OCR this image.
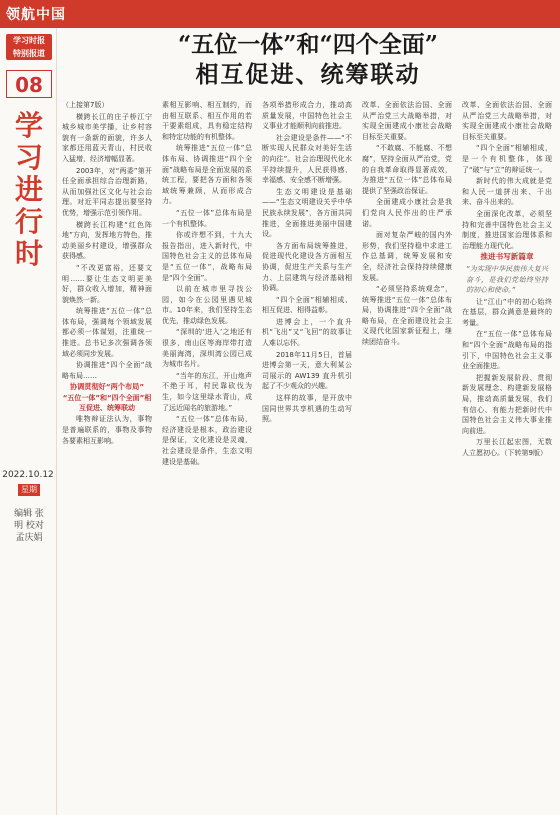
领航中国
学习时报
特别报道
08
学
习
进
行
时
2022.10.12
星期三
编辑 张 明 校对 孟庆娟
“五位一体”和“四个全面”
相互促进、统筹联动

（上接第7版）

横跨长江的庄子桥江宁城乡城市美学播，让乡村容貌有一条新的面貌，许多人家都还用蓝天青山，村民收入猛增，经济增幅显著。

2003年，对“两委”第开任全面承担综合治理新路，从而加强社区文化与社会治理。对近平同志提出要坚持优势，增强示范引领作用。

横跨长江构建“红色阵地”方向，发挥地方特色，推动美丽乡村建设，增强群众获得感。

“不改更富裕，还要文明……要让生态文明更美好，群众收入增加，精神面貌焕然一新。

统筹推进“五位一体”总体布局，强调每个领域发展都必须一体谋划，注重统一推进。总书记多次强调各领域必须同步发展。

协调推进“四个全面”战略布局……

协调贯彻好“两个布局”

“五位一体”和“四个全面”相互促进、统筹联动

唯物辩证法认为，事物是普遍联系的，事物及事物各要素相互影响。

素相互影响、相互制约，而由相互联系、相互作用的若干要素组成，具有稳定结构和特定功能的有机整体。

统筹推进“五位一体”总体布局、协调推进“四个全面”战略布局是全面发展的系统工程，要把各方面和各领域统筹兼顾，从而形成合力。

“五位一体”总体布局是一个有机整体。

你或许想不到，十九大报告指出，进入新时代，中国特色社会主义的总体布局是“五位一体”，战略布局是“四个全面”。

以前在城市里寻找公园，如今在公园里遇见城市。10年来，我们坚持生态优先，推动绿色发展。

“深圳的‘进入’之地还有很多，南山区等海岸带打造美丽海湾，深圳湾公园已成为城市名片。

“当年的东江，开山炮声不绝于耳，村民靠砍伐为生，如今这里绿水青山，成了远近闻名的旅游地。”

“五位一体”总体布局，经济建设是根本，政治建设是保证，文化建设是灵魂，社会建设是条件，生态文明建设是基础。

各项举措形成合力，推动高质量发展，中国特色社会主义事业才能顺利向前推进。

社会建设是条件——“不断实现人民群众对美好生活的向往”。社会治理现代化水平持续提升，人民获得感、幸福感、安全感不断增强。

生态文明建设是基础——“生态文明建设关乎中华民族永续发展”，各方面共同推进，全面推进美丽中国建设。

各方面布局统筹推进，促进现代化建设各方面相互协调，促进生产关系与生产力、上层建筑与经济基础相协调。

“四个全面”相辅相成、相互促进、相得益彰。

进博会上，一个直升机“飞出”又“飞回”的故事让人难以忘怀。

2018年11月5日，首届进博会第一天，意大利某公司展示的 AW139 直升机引起了不少观众的兴趣。

这样的故事，是开放中国同世界共享机遇的生动写照。

改革、全面依法治国、全面从严治党三大战略举措，对实现全面建成小康社会战略目标至关重要。

“不敢腐、不能腐、不想腐”，坚持全面从严治党，党的自我革命取得显著成效，为推进“五位一体”总体布局提供了坚强政治保证。

全面建成小康社会是我们党向人民作出的庄严承诺。

面对复杂严峻的国内外形势，我们坚持稳中求进工作总基调，统筹发展和安全，经济社会保持持续健康发展。

“必须坚持系统观念”，统筹推进“五位一体”总体布局，协调推进“四个全面”战略布局，在全面建设社会主义现代化国家新征程上，继续团结奋斗。

改革、全面依法治国、全面从严治党三大战略举措，对实现全面建成小康社会战略目标至关重要。

“四个全面”相辅相成，是一个有机整体，体现了“破”与“立”的辩证统一。

新时代的伟大成就是党和人民一道拼出来、干出来、奋斗出来的。

全面深化改革，必须坚持和完善中国特色社会主义制度，推进国家治理体系和治理能力现代化。

推进书写新篇章

“为实现中华民族伟大复兴奋斗，是我们党始终坚持的初心和使命。”

让“江山”中的初心始终在基层，群众满意是最终的考量。

在“五位一体”总体布局和“四个全面”战略布局的指引下，中国特色社会主义事业全面推进。

把握新发展阶段、贯彻新发展理念、构建新发展格局，推动高质量发展，我们有信心、有能力把新时代中国特色社会主义伟大事业推向前进。

万里长江起宏图，无数人立愿初心。（下转第9版）
